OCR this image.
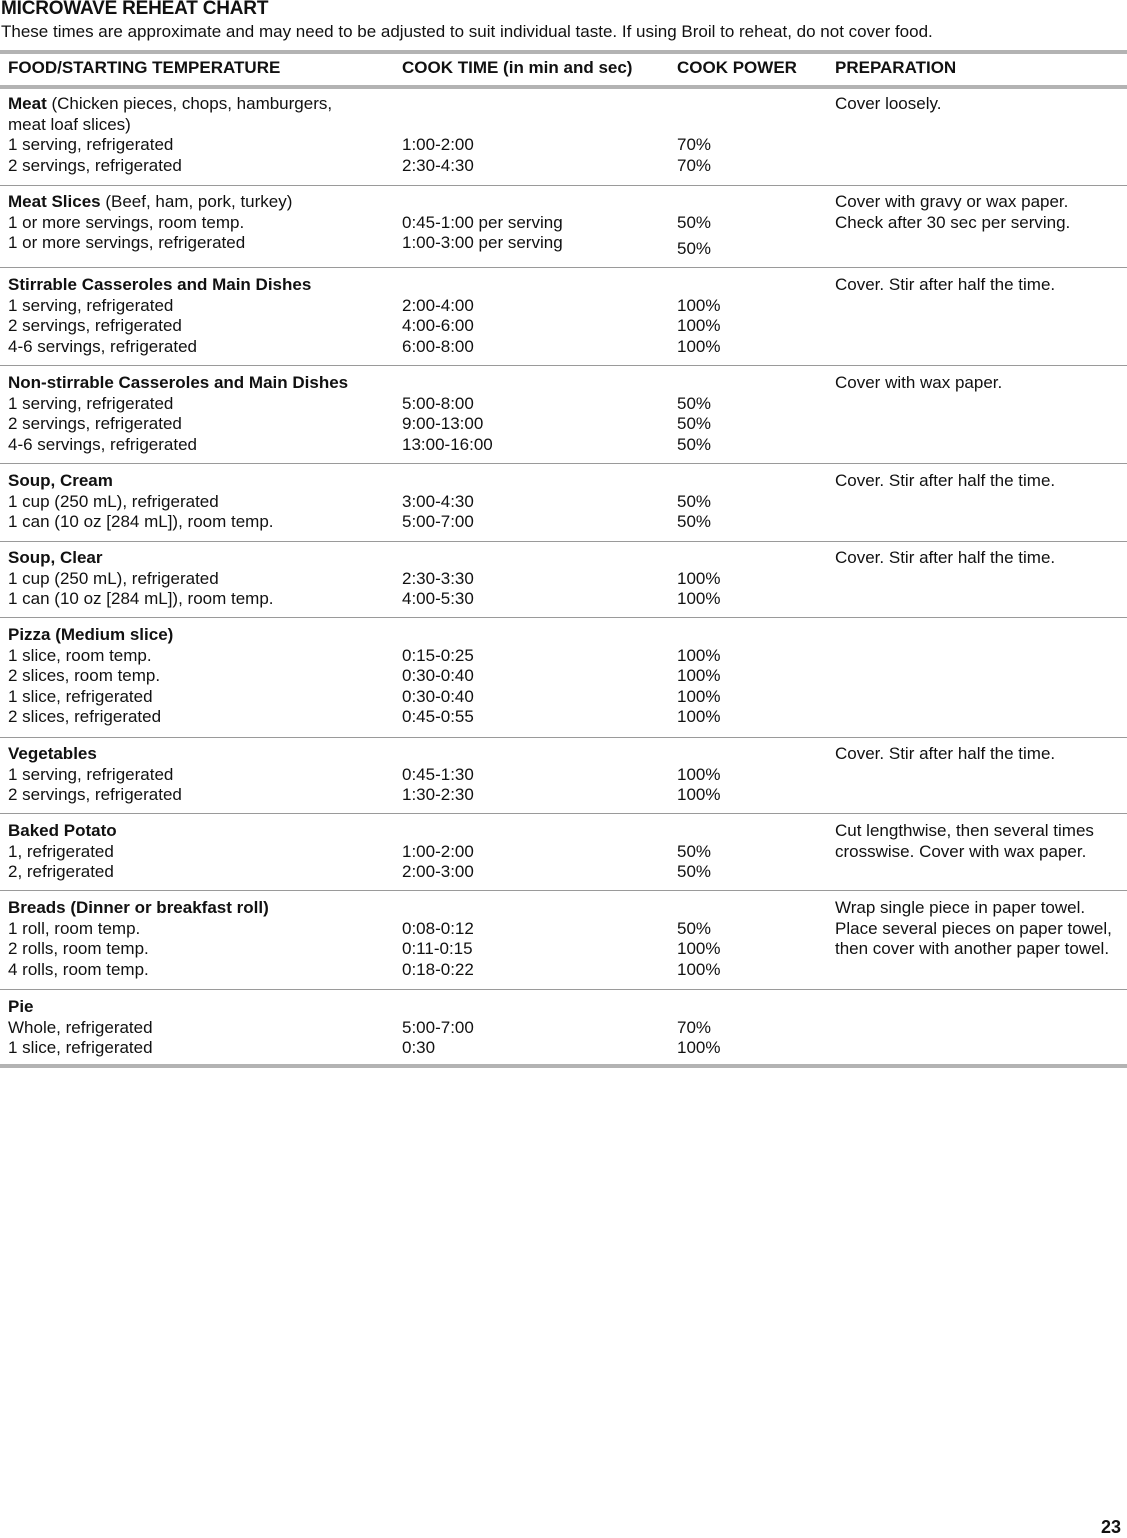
MICROWAVE REHEAT CHART
These times are approximate and may need to be adjusted to suit individual taste. If using Broil to reheat, do not cover food.
FOOD/STARTING TEMPERATURE	COOK TIME (in min and sec)	COOK POWER PREPARATION
Meat (Chicken pieces, chops, hamburgers,
meat loaf slices)
1 serving, refrigerated
2 servings, refrigerated
1:00-2:00
2:30-4:30
70%
70%
Cover loosely.
Meat Slices (Beef, ham, pork, turkey)
1 or more servings, room temp.
1 or more servings, refrigerated
0:45-1:00 per serving
1:00-3:00 per serving
50%
50%
Cover with gravy or wax paper. Check after 30 sec per serving.
Stirrable Casseroles and Main Dishes
1 serving, refrigerated
2 servings, refrigerated
4-6 servings, refrigerated
2:00-4:00
4:00-6:00
6:00-8:00
100%
100%
100%
Cover. Stir after half the time.
Non-stirrable Casseroles and Main Dishes
1 serving, refrigerated
2 servings, refrigerated
4-6 servings, refrigerated
5:00-8:00
9:00-13:00
13:00-16:00
50%
50%
50%
Cover with wax paper.
Soup, Cream
1 cup (250 mL), refrigerated
1 can (10 oz [284 mL]), room temp.
3:00-4:30
5:00-7:00
50%
50%
Cover. Stir after half the time.
Soup, Clear
1 cup (250 mL), refrigerated
1 can (10 oz [284 mL]), room temp.
2:30-3:30
4:00-5:30
100%
100%
Cover. Stir after half the time.
Pizza (Medium slice)
1 slice, room temp.
2 slices, room temp.
1 slice, refrigerated
2 slices, refrigerated
0:15-0:25
0:30-0:40
0:30-0:40
0:45-0:55
100%
100%
100%
100%
Vegetables
1 serving, refrigerated
2 servings, refrigerated
0:45-1:30
1:30-2:30
100%
100%
Cover. Stir after half the time.
Baked Potato
1, refrigerated
2, refrigerated
1:00-2:00
2:00-3:00
50%
50%
Cut lengthwise, then several times crosswise. Cover with wax paper.
Breads (Dinner or breakfast roll)
1 roll, room temp.
2 rolls, room temp.
4 rolls, room temp.
0:08-0:12
0:11-0:15
0:18-0:22
50%
100%
100%
Wrap single piece in paper towel. Place several pieces on paper towel, then cover with another paper towel.
Pie
Whole, refrigerated
1 slice, refrigerated
5:00-7:00
0:30
70%
100%
23
